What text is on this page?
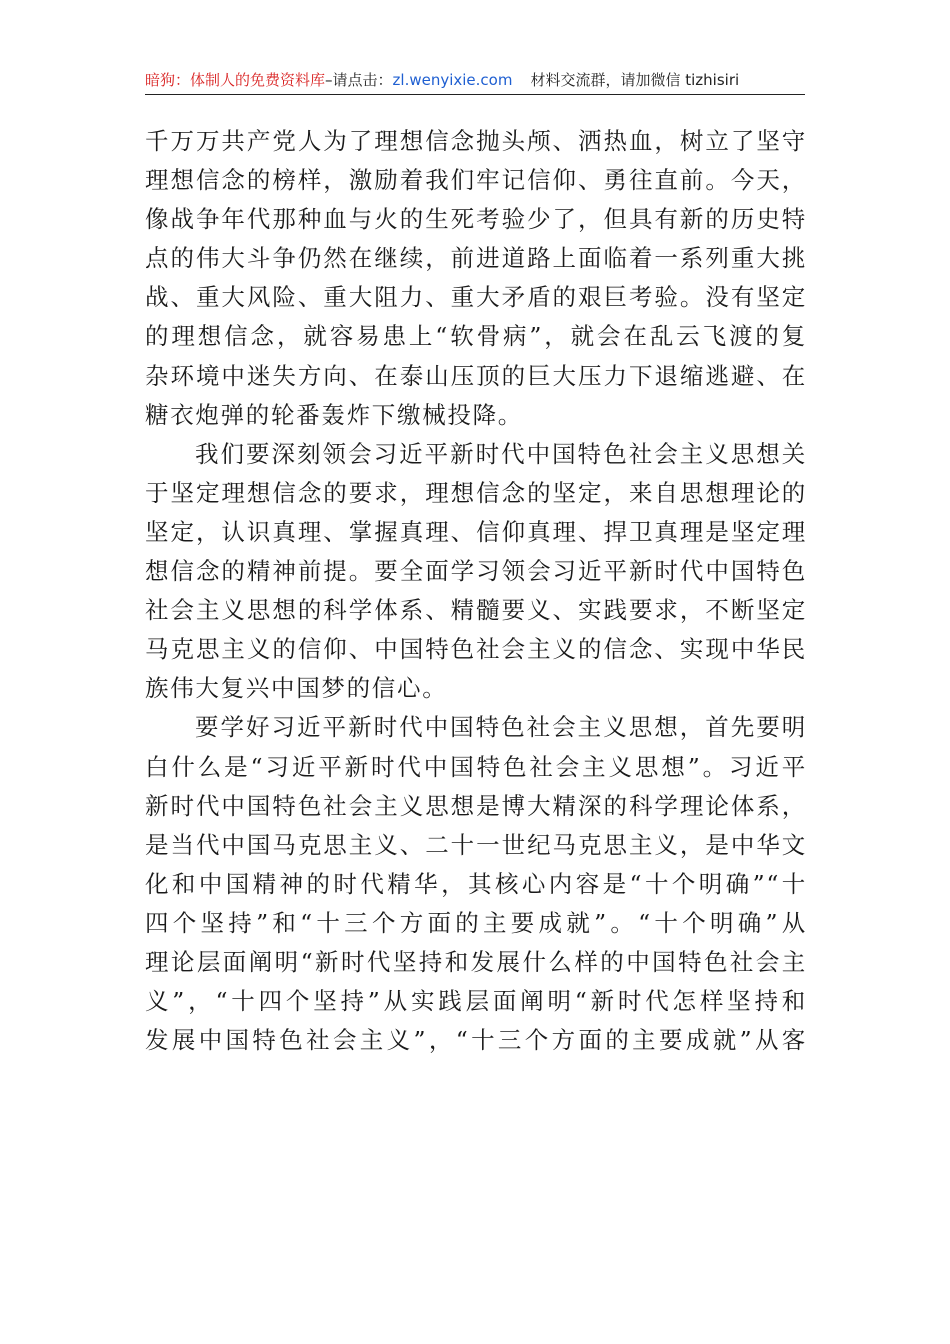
暗狗：体制人的免费资料库 –请点击： zl.wenyixie.com 材料交流群，请加微信 tizhisiri

千万万共产党人为了理想信念抛头颅、洒热血，树立了坚守
理想信念的榜样，激励着我们牢记信仰、勇往直前。今天，
像战争年代那种血与火的生死考验少了，但具有新的历史特
点的伟大斗争仍然在继续，前进道路上面临着一系列重大挑
战、重大风险、重大阻力、重大矛盾的艰巨考验。没有坚定
的理想信念，就容易患上“软骨病”，就会在乱云飞渡的复
杂环境中迷失方向、在泰山压顶的巨大压力下退缩逃避、在
糖衣炮弹的轮番轰炸下缴械投降。

我们要深刻领会习近平新时代中国特色社会主义思想关
于坚定理想信念的要求，理想信念的坚定，来自思想理论的
坚定，认识真理、掌握真理、信仰真理、捍卫真理是坚定理
想信念的精神前提。要全面学习领会习近平新时代中国特色
社会主义思想的科学体系、精髓要义、实践要求，不断坚定
马克思主义的信仰、中国特色社会主义的信念、实现中华民
族伟大复兴中国梦的信心。

要学好习近平新时代中国特色社会主义思想，首先要明
白什么是“习近平新时代中国特色社会主义思想”。习近平
新时代中国特色社会主义思想是博大精深的科学理论体系，
是当代中国马克思主义、二十一世纪马克思主义，是中华文
化和中国精神的时代精华，其核心内容是“十个明确”“十
四个坚持”和“十三个方面的主要成就”。“十个明确”从
理论层面阐明“新时代坚持和发展什么样的中国特色社会主
义”，“十四个坚持”从实践层面阐明“新时代怎样坚持和
发展中国特色社会主义”，“十三个方面的主要成就”从客
